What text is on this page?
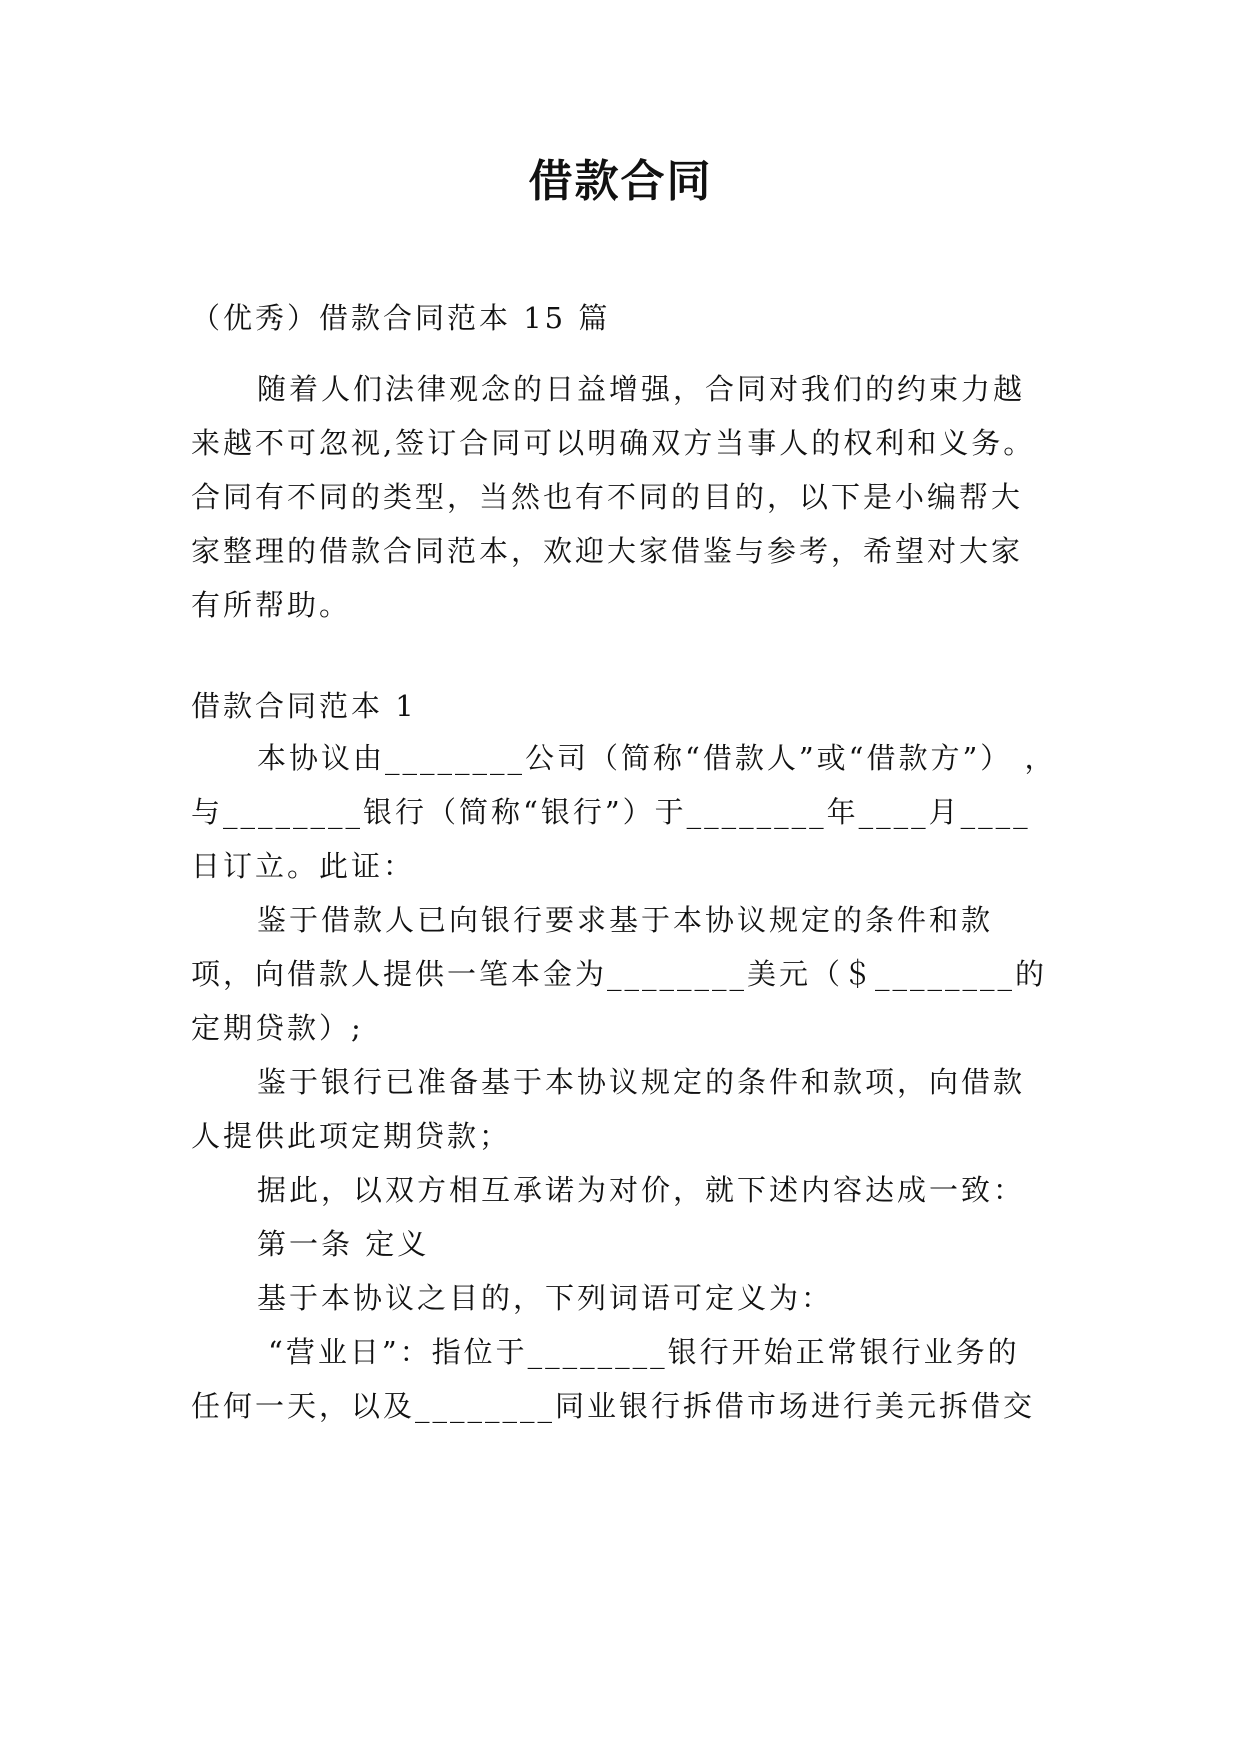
借款合同

（优秀）借款合同范本 15 篇

随着人们法律观念的日益增强，合同对我们的约束力越

来越不可忽视,签订合同可以明确双方当事人的权利和义务。

合同有不同的类型，当然也有不同的目的，以下是小编帮大

家整理的借款合同范本，欢迎大家借鉴与参考，希望对大家

有所帮助。

借款合同范本 1

本协议由________公司（简称“借款人”或“借款方”） ，

与________银行（简称“银行”）于________年____月____

日订立。此证：

鉴于借款人已向银行要求基于本协议规定的条件和款

项，向借款人提供一笔本金为________美元（＄________的

定期贷款）;

鉴于银行已准备基于本协议规定的条件和款项，向借款

人提供此项定期贷款；

据此，以双方相互承诺为对价，就下述内容达成一致：

第一条 定义

基于本协议之目的，下列词语可定义为：

“营业日”：指位于________银行开始正常银行业务的

任何一天，以及________同业银行拆借市场进行美元拆借交
